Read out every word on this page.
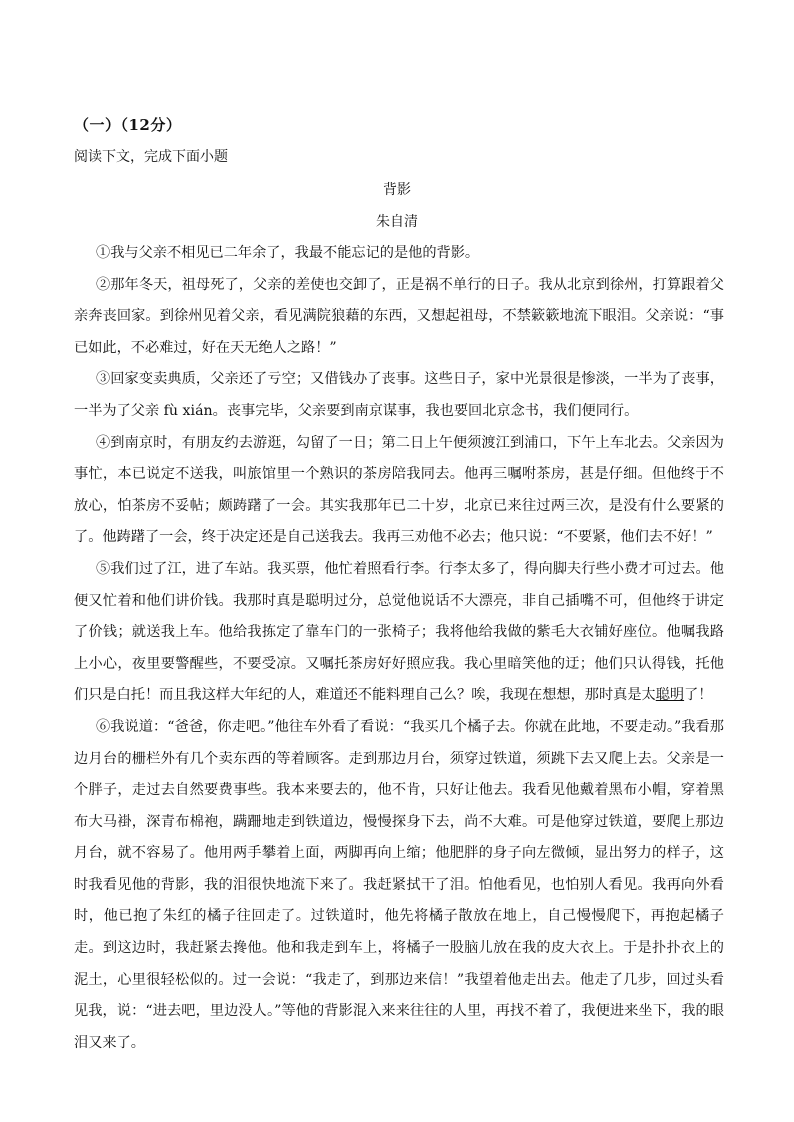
（一）（12分）
阅读下文，完成下面小题
背影
朱自清

①我与父亲不相见已二年余了，我最不能忘记的是他的背影。

②那年冬天，祖母死了，父亲的差使也交卸了，正是祸不单行的日子。我从北京到徐州，打算跟着父亲奔丧回家。到徐州见着父亲，看见满院狼藉的东西，又想起祖母，不禁簌簌地流下眼泪。父亲说：“事已如此，不必难过，好在天无绝人之路！”

③回家变卖典质，父亲还了亏空；又借钱办了丧事。这些日子，家中光景很是惨淡，一半为了丧事，一半为了父亲 fù xián。丧事完毕，父亲要到南京谋事，我也要回北京念书，我们便同行。

④到南京时，有朋友约去游逛，勾留了一日；第二日上午便须渡江到浦口，下午上车北去。父亲因为事忙，本已说定不送我，叫旅馆里一个熟识的茶房陪我同去。他再三嘱咐茶房，甚是仔细。但他终于不放心，怕茶房不妥帖；颇踌躇了一会。其实我那年已二十岁，北京已来往过两三次，是没有什么要紧的了。他踌躇了一会，终于决定还是自己送我去。我再三劝他不必去；他只说：“不要紧，他们去不好！”

⑤我们过了江，进了车站。我买票，他忙着照看行李。行李太多了，得向脚夫行些小费才可过去。他便又忙着和他们讲价钱。我那时真是聪明过分，总觉他说话不大漂亮，非自己插嘴不可，但他终于讲定了价钱；就送我上车。他给我拣定了靠车门的一张椅子；我将他给我做的紫毛大衣铺好座位。他嘱我路上小心，夜里要警醒些，不要受凉。又嘱托茶房好好照应我。我心里暗笑他的迂；他们只认得钱，托他们只是白托！而且我这样大年纪的人，难道还不能料理自己么？唉，我现在想想，那时真是太聪明了！

⑥我说道：“爸爸，你走吧。”他往车外看了看说：“我买几个橘子去。你就在此地，不要走动。”我看那边月台的栅栏外有几个卖东西的等着顾客。走到那边月台，须穿过铁道，须跳下去又爬上去。父亲是一个胖子，走过去自然要费事些。我本来要去的，他不肯，只好让他去。我看见他戴着黑布小帽，穿着黑布大马褂，深青布棉袍，蹒跚地走到铁道边，慢慢探身下去，尚不大难。可是他穿过铁道，要爬上那边月台，就不容易了。他用两手攀着上面，两脚再向上缩；他肥胖的身子向左微倾，显出努力的样子，这时我看见他的背影，我的泪很快地流下来了。我赶紧拭干了泪。怕他看见，也怕别人看见。我再向外看时，他已抱了朱红的橘子往回走了。过铁道时，他先将橘子散放在地上，自己慢慢爬下，再抱起橘子走。到这边时，我赶紧去搀他。他和我走到车上，将橘子一股脑儿放在我的皮大衣上。于是扑扑衣上的泥土，心里很轻松似的。过一会说：“我走了，到那边来信！”我望着他走出去。他走了几步，回过头看见我，说：“进去吧，里边没人。”等他的背影混入来来往往的人里，再找不着了，我便进来坐下，我的眼泪又来了。
